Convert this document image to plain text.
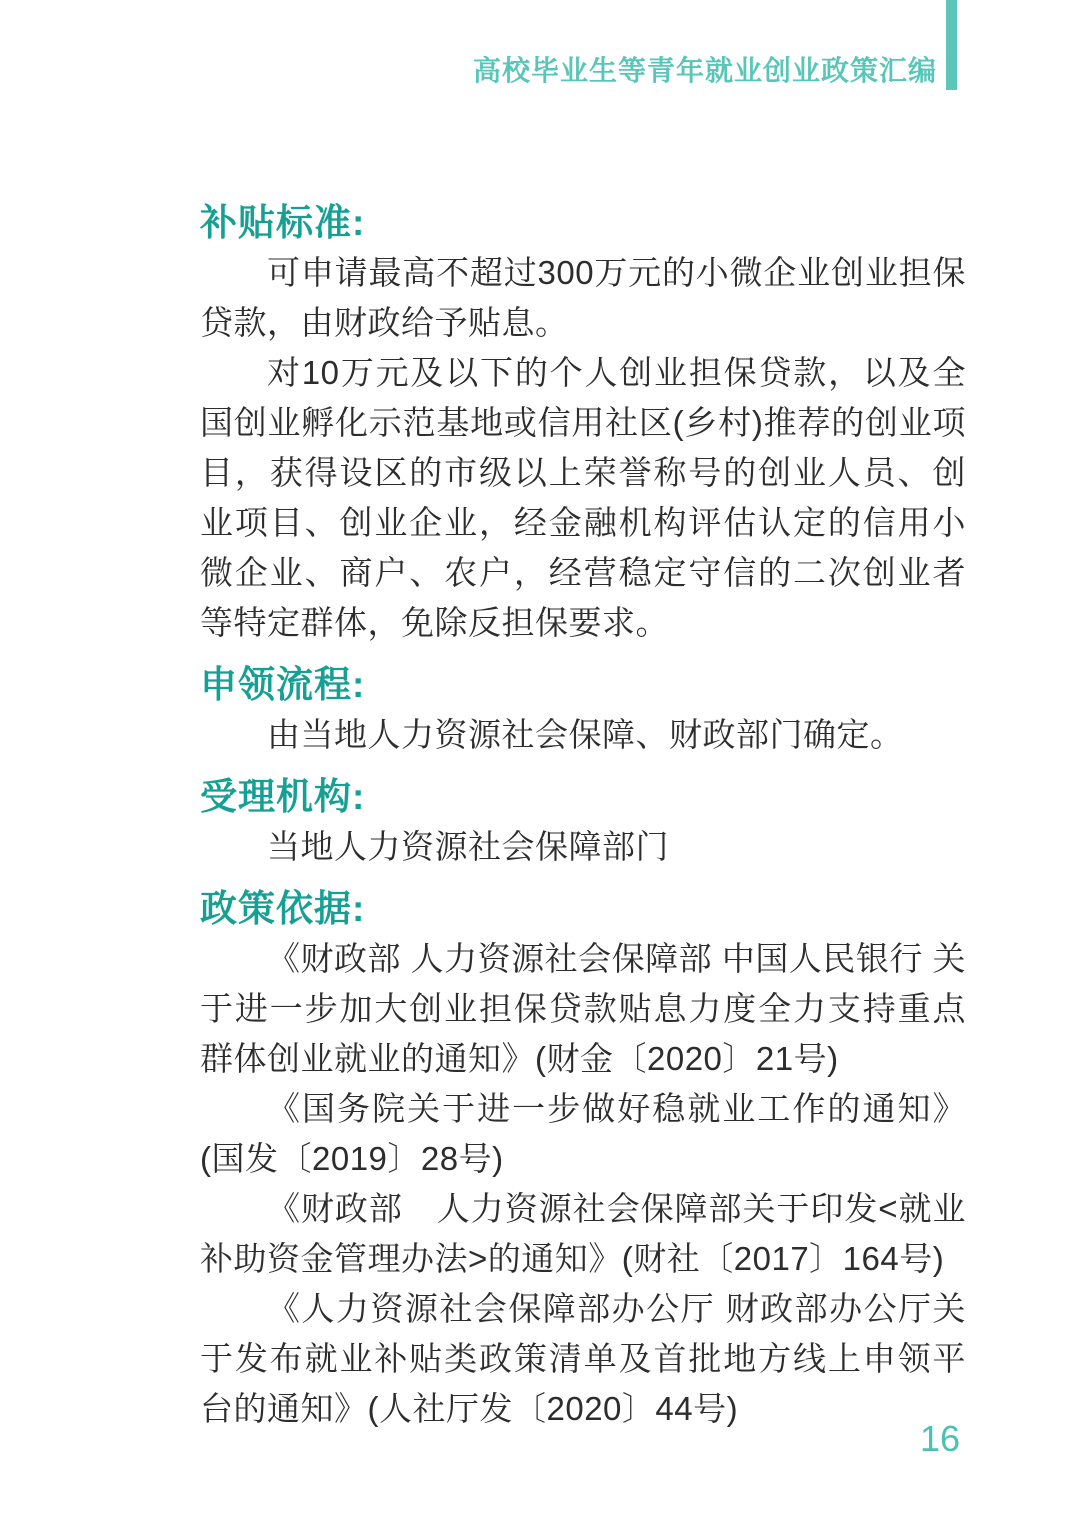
高校毕业生等青年就业创业政策汇编
补贴标准:

可申请最高不超过300万元的小微企业创业担保贷款，由财政给予贴息。

对10万元及以下的个人创业担保贷款，以及全国创业孵化示范基地或信用社区(乡村)推荐的创业项目，获得设区的市级以上荣誉称号的创业人员、创业项目、创业企业，经金融机构评估认定的信用小微企业、商户、农户，经营稳定守信的二次创业者等特定群体，免除反担保要求。

申领流程:

由当地人力资源社会保障、财政部门确定。

受理机构:

当地人力资源社会保障部门

政策依据:

《财政部 人力资源社会保障部 中国人民银行 关于进一步加大创业担保贷款贴息力度全力支持重点群体创业就业的通知》(财金〔2020〕21号)

《国务院关于进一步做好稳就业工作的通知》(国发〔2019〕28号)

《财政部　人力资源社会保障部关于印发<就业补助资金管理办法>的通知》(财社〔2017〕164号)

《人力资源社会保障部办公厅 财政部办公厅关于发布就业补贴类政策清单及首批地方线上申领平台的通知》(人社厅发〔2020〕44号)

16
